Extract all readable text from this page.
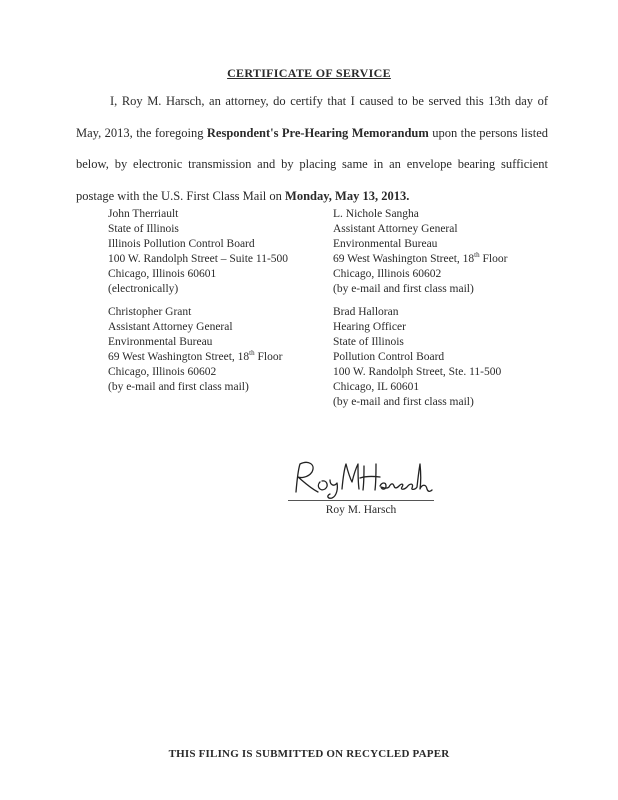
CERTIFICATE OF SERVICE
I, Roy M. Harsch, an attorney, do certify that I caused to be served this 13th day of May, 2013, the foregoing Respondent's Pre-Hearing Memorandum upon the persons listed below, by electronic transmission and by placing same in an envelope bearing sufficient postage with the U.S. First Class Mail on Monday, May 13, 2013.
John Therriault
State of Illinois
Illinois Pollution Control Board
100 W. Randolph Street – Suite 11-500
Chicago, Illinois 60601
(electronically)
L. Nichole Sangha
Assistant Attorney General
Environmental Bureau
69 West Washington Street, 18th Floor
Chicago, Illinois 60602
(by e-mail and first class mail)
Christopher Grant
Assistant Attorney General
Environmental Bureau
69 West Washington Street, 18th Floor
Chicago, Illinois 60602
(by e-mail and first class mail)
Brad Halloran
Hearing Officer
State of Illinois
Pollution Control Board
100 W. Randolph Street, Ste. 11-500
Chicago, IL 60601
(by e-mail and first class mail)
Roy M. Harsch
THIS FILING IS SUBMITTED ON RECYCLED PAPER
